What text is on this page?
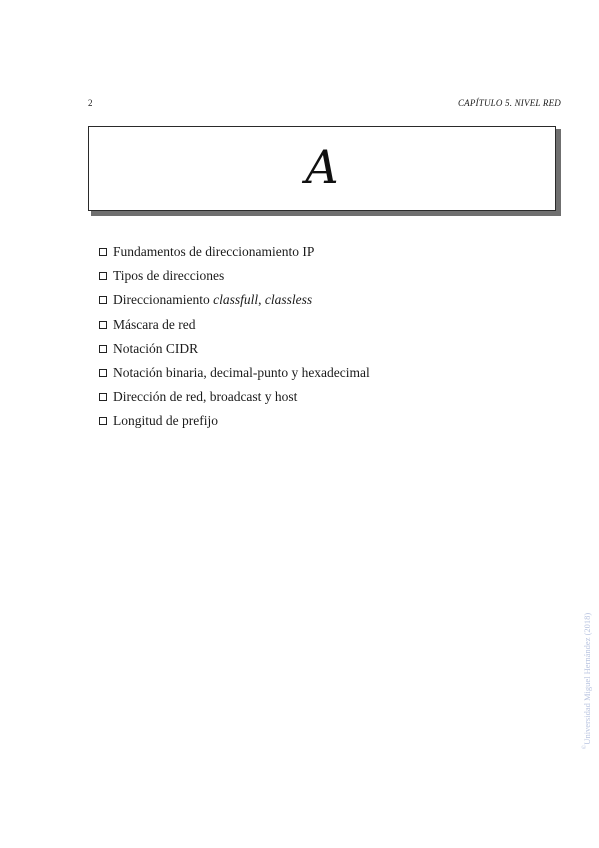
2	CAPÍTULO 5. NIVEL RED
A
Fundamentos de direccionamiento IP
Tipos de direcciones
Direccionamiento classfull, classless
Máscara de red
Notación CIDR
Notación binaria, decimal-punto y hexadecimal
Dirección de red, broadcast y host
Longitud de prefijo
©Universidad Miguel Hernández (2018)
